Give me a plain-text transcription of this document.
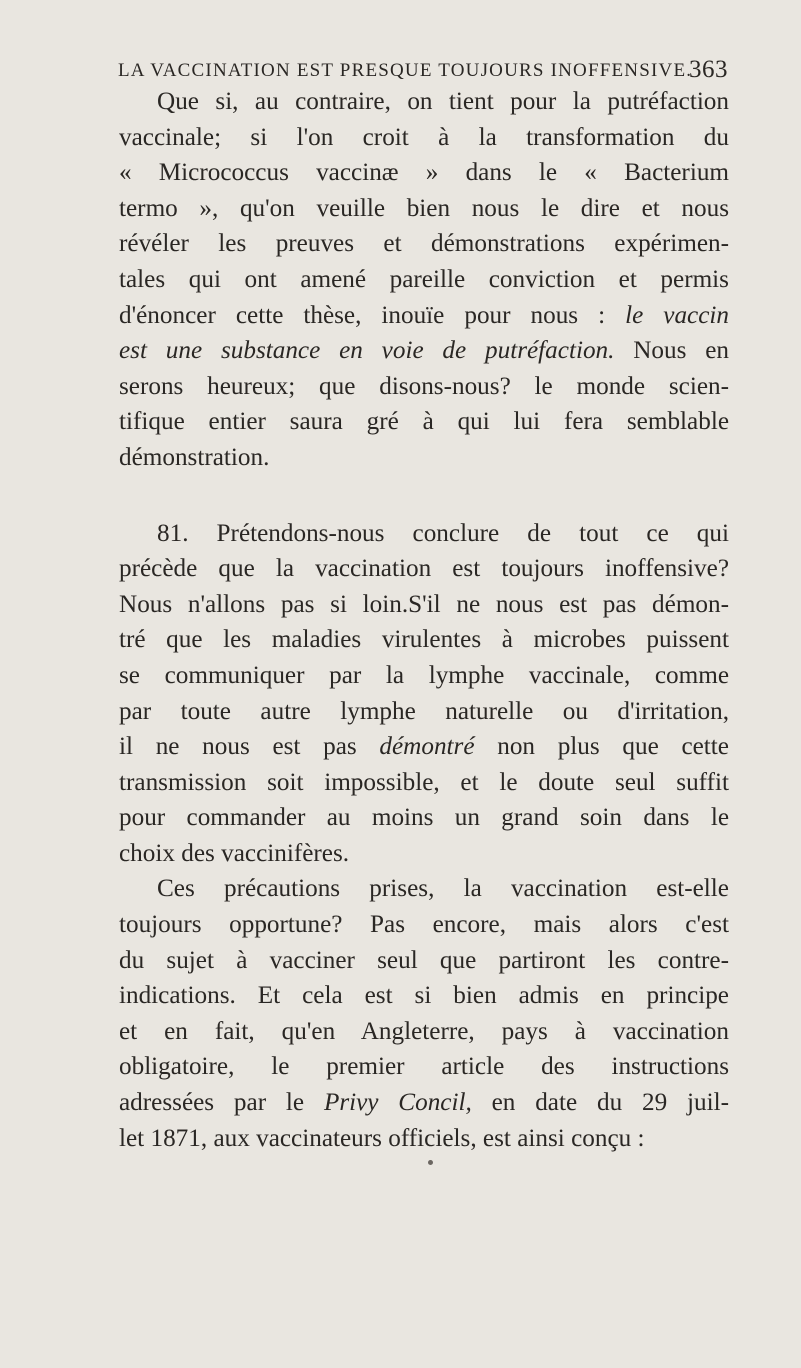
LA VACCINATION EST PRESQUE TOUJOURS INOFFENSIVE.
363
Que si, au contraire, on tient pour la putréfaction
vaccinale; si l'on croit à la transformation du
« Micrococcus vaccinæ » dans le « Bacterium
termo », qu'on veuille bien nous le dire et nous
révéler les preuves et démonstrations expérimen-
tales qui ont amené pareille conviction et permis
d'énoncer cette thèse, inouïe pour nous : le vaccin
est une substance en voie de putréfaction. Nous en
serons heureux; que disons-nous? le monde scien-
tifique entier saura gré à qui lui fera semblable
démonstration.
81. Prétendons-nous conclure de tout ce qui
précède que la vaccination est toujours inoffensive?
Nous n'allons pas si loin.S'il ne nous est pas démon-
tré que les maladies virulentes à microbes puissent
se communiquer par la lymphe vaccinale, comme
par toute autre lymphe naturelle ou d'irritation,
il ne nous est pas démontré non plus que cette
transmission soit impossible, et le doute seul suffit
pour commander au moins un grand soin dans le
choix des vaccinifères.
Ces précautions prises, la vaccination est-elle
toujours opportune? Pas encore, mais alors c'est
du sujet à vacciner seul que partiront les contre-
indications. Et cela est si bien admis en principe
et en fait, qu'en Angleterre, pays à vaccination
obligatoire, le premier article des instructions
adressées par le Privy Concil, en date du 29 juil-
let 1871, aux vaccinateurs officiels, est ainsi conçu :
